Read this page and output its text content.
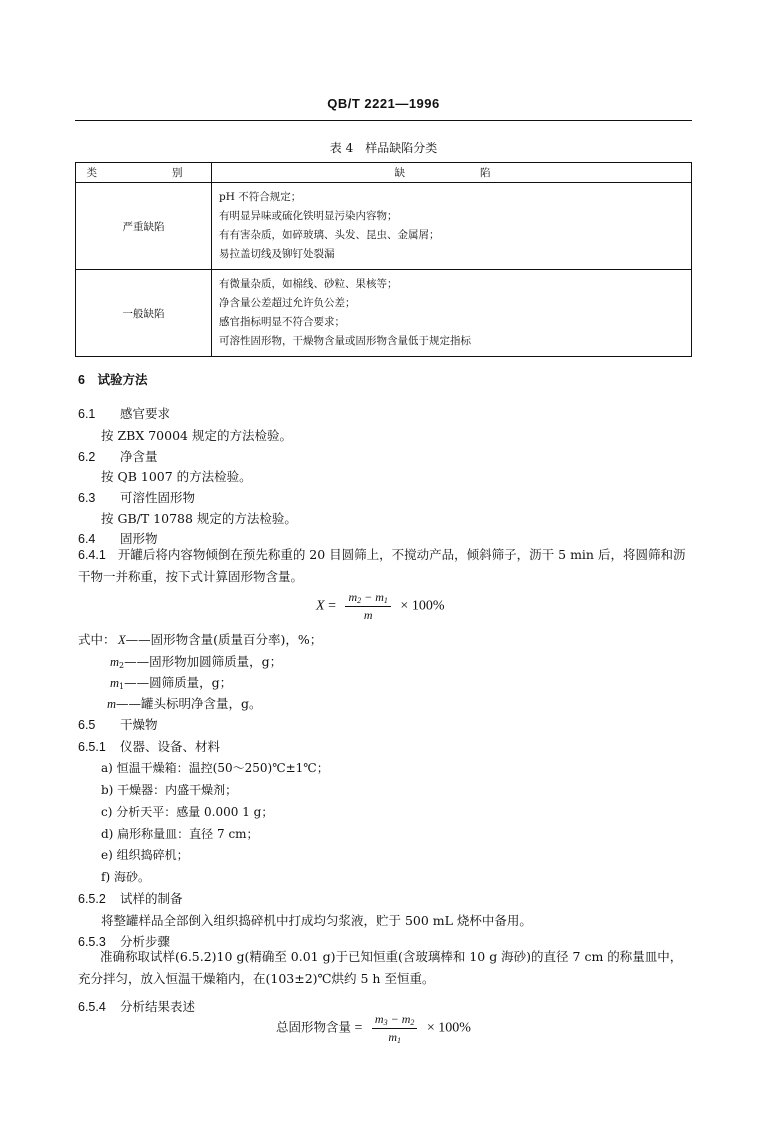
QB/T 2221—1996
表 4　样品缺陷分类
类　　别	缺　　陷
严重缺陷	pH 不符合规定；
有明显异味或硫化铁明显污染内容物；
有有害杂质，如碎玻璃、头发、昆虫、金属屑；
易拉盖切线及铆钉处裂漏

一般缺陷	有微量杂质，如棉线、砂粒、果核等；
净含量公差超过允许负公差；
感官指标明显不符合要求；
可溶性固形物，干燥物含量或固形物含量低于规定指标
6　试验方法
6.1 感官要求
按 ZBX 70004 规定的方法检验。
6.2 净含量
按 QB 1007 的方法检验。
6.3 可溶性固形物
按 GB/T 10788 规定的方法检验。
6.4 固形物
6.4.1 开罐后将内容物倾倒在预先称重的 20 目圆筛上，不搅动产品，倾斜筛子，沥干 5 min 后，将圆筛和沥干物一并称重，按下式计算固形物含量。
$X = \frac{m_2 - m_1}{m} \times 100\%$
式中： X——固形物含量(质量百分率)，%；
$m_2——$固形物加圆筛质量，g；
$m_1——$圆筛质量，g；
m——罐头标明净含量，g。
6.5 干燥物
6.5.1 仪器、设备、材料
a) 恒温干燥箱：温控(50～250)℃±1℃；
b) 干燥器：内盛干燥剂；
c) 分析天平：感量 0.000 1 g；
d) 扁形称量皿：直径 7 cm；
e) 组织捣碎机；
f) 海砂。
6.5.2 试样的制备
将整罐样品全部倒入组织捣碎机中打成均匀浆液，贮于 500 mL 烧杯中备用。
6.5.3 分析步骤
准确称取试样(6.5.2)10 g(精确至 0.01 g)于已知恒重(含玻璃棒和 10 g 海砂)的直径 7 cm 的称量皿中，充分拌匀，放入恒温干燥箱内，在(103±2)℃烘约 5 h 至恒重。
6.5.4 分析结果表述
总固形物含量 = $\frac{m_3 - m_2}{m_1} \times 100\%$
